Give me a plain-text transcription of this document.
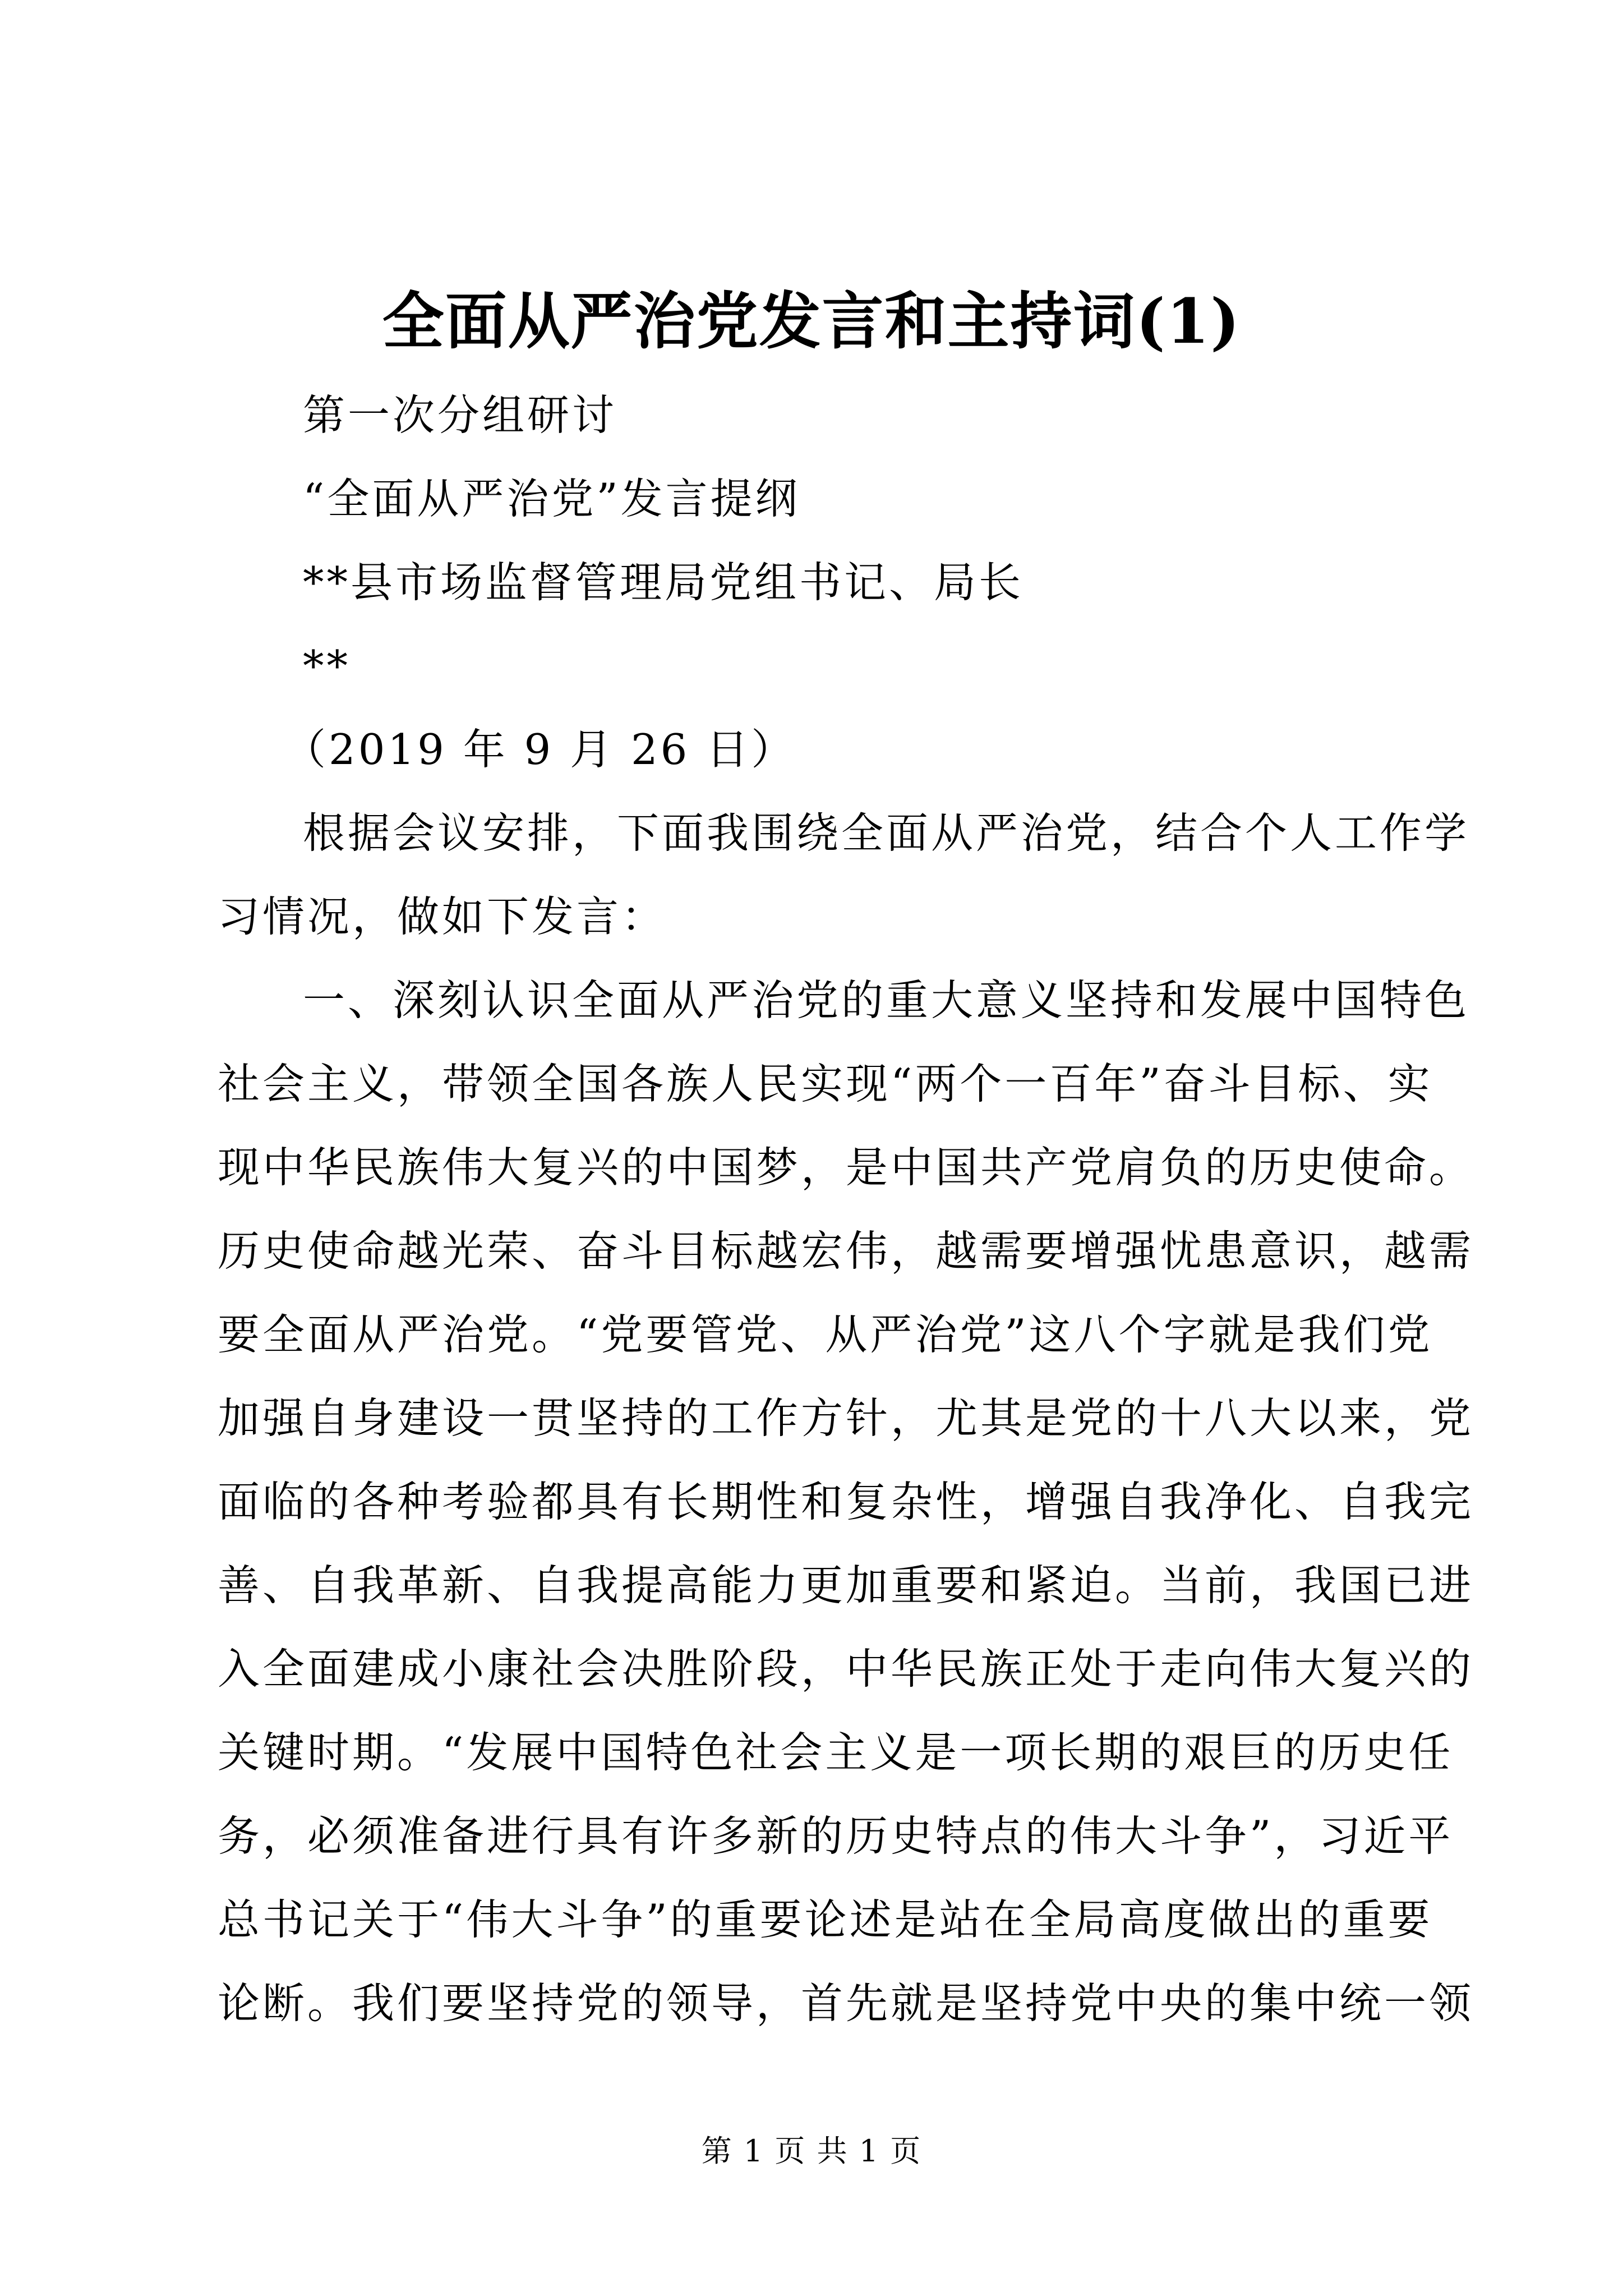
全面从严治党发言和主持词(1)
第一次分组研讨
“全面从严治党”发言提纲
**县市场监督管理局党组书记、局长
**
（2019 年 9 月 26 日）
根据会议安排，下面我围绕全面从严治党，结合个人工作学
习情况，做如下发言：
一、深刻认识全面从严治党的重大意义坚持和发展中国特色
社会主义，带领全国各族人民实现“两个一百年”奋斗目标、实
现中华民族伟大复兴的中国梦，是中国共产党肩负的历史使命。
历史使命越光荣、奋斗目标越宏伟，越需要增强忧患意识，越需
要全面从严治党。“党要管党、从严治党”这八个字就是我们党
加强自身建设一贯坚持的工作方针，尤其是党的十八大以来，党
面临的各种考验都具有长期性和复杂性，增强自我净化、自我完
善、自我革新、自我提高能力更加重要和紧迫。当前，我国已进
入全面建成小康社会决胜阶段，中华民族正处于走向伟大复兴的
关键时期。“发展中国特色社会主义是一项长期的艰巨的历史任
务，必须准备进行具有许多新的历史特点的伟大斗争”，习近平
总书记关于“伟大斗争”的重要论述是站在全局高度做出的重要
论断。我们要坚持党的领导，首先就是坚持党中央的集中统一领
第 1 页 共 1 页
